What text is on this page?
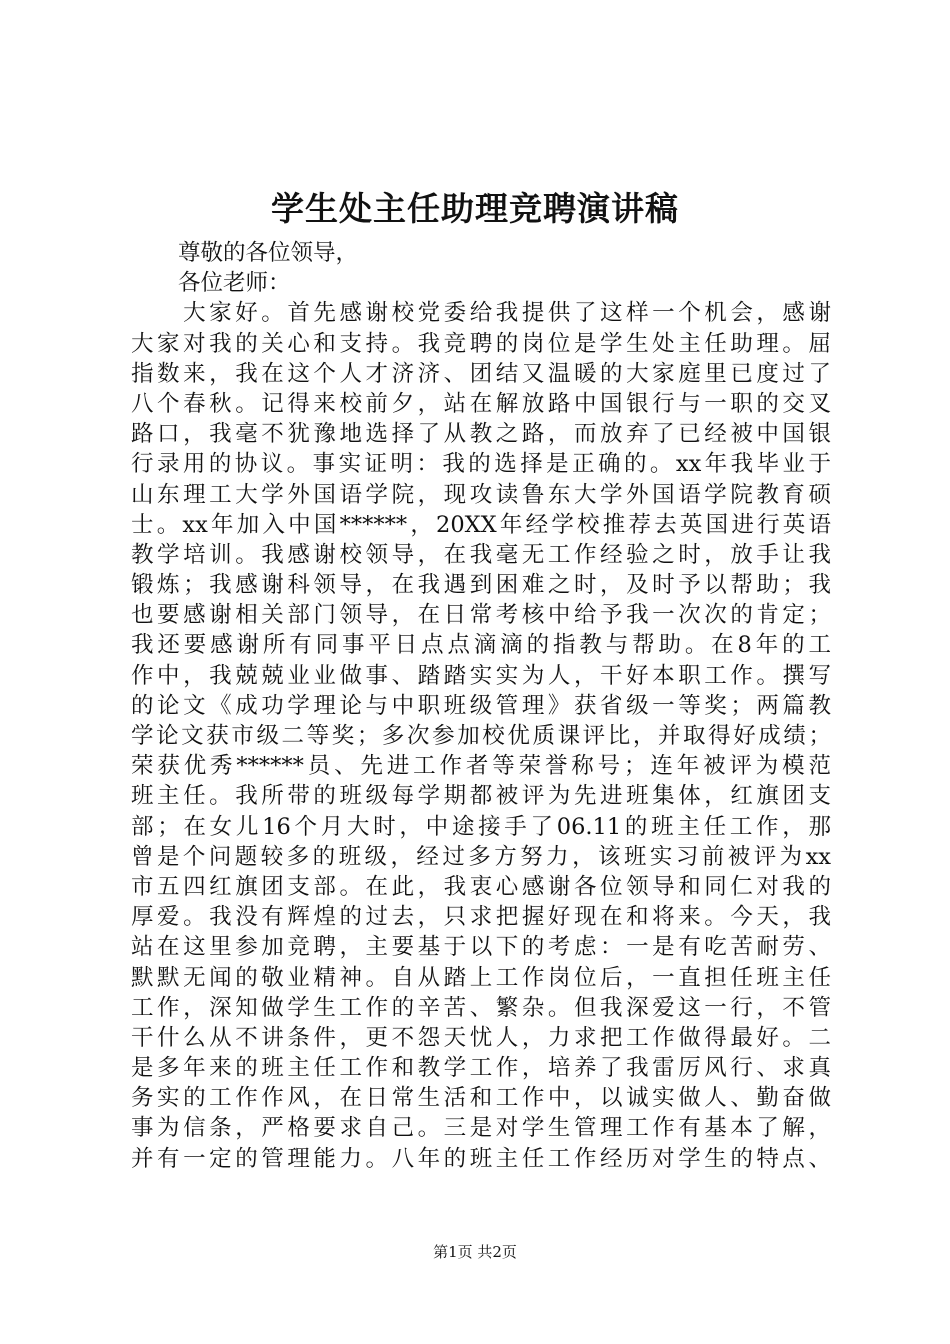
学生处主任助理竞聘演讲稿
尊敬的各位领导，
各位老师：
　　大家好。首先感谢校党委给我提供了这样一个机会，感谢
大家对我的关心和支持。我竞聘的岗位是学生处主任助理。屈
指数来，我在这个人才济济、团结又温暖的大家庭里已度过了
八个春秋。记得来校前夕，站在解放路中国银行与一职的交叉
路口，我毫不犹豫地选择了从教之路，而放弃了已经被中国银
行录用的协议。事实证明：我的选择是正确的。xx年我毕业于
山东理工大学外国语学院，现攻读鲁东大学外国语学院教育硕
士。xx年加入中国******，20XX年经学校推荐去英国进行英语
教学培训。我感谢校领导，在我毫无工作经验之时，放手让我
锻炼；我感谢科领导，在我遇到困难之时，及时予以帮助；我
也要感谢相关部门领导，在日常考核中给予我一次次的肯定；
我还要感谢所有同事平日点点滴滴的指教与帮助。在8年的工
作中，我兢兢业业做事、踏踏实实为人，干好本职工作。撰写
的论文《成功学理论与中职班级管理》获省级一等奖；两篇教
学论文获市级二等奖；多次参加校优质课评比，并取得好成绩；
荣获优秀******员、先进工作者等荣誉称号；连年被评为模范
班主任。我所带的班级每学期都被评为先进班集体，红旗团支
部；在女儿16个月大时，中途接手了06.11的班主任工作，那
曾是个问题较多的班级，经过多方努力，该班实习前被评为xx
市五四红旗团支部。在此，我衷心感谢各位领导和同仁对我的
厚爱。我没有辉煌的过去，只求把握好现在和将来。今天，我
站在这里参加竞聘，主要基于以下的考虑：一是有吃苦耐劳、
默默无闻的敬业精神。自从踏上工作岗位后，一直担任班主任
工作，深知做学生工作的辛苦、繁杂。但我深爱这一行，不管
干什么从不讲条件，更不怨天忧人，力求把工作做得最好。二
是多年来的班主任工作和教学工作，培养了我雷厉风行、求真
务实的工作作风，在日常生活和工作中，以诚实做人、勤奋做
事为信条，严格要求自己。三是对学生管理工作有基本了解，
并有一定的管理能力。八年的班主任工作经历对学生的特点、
第1页 共2页
